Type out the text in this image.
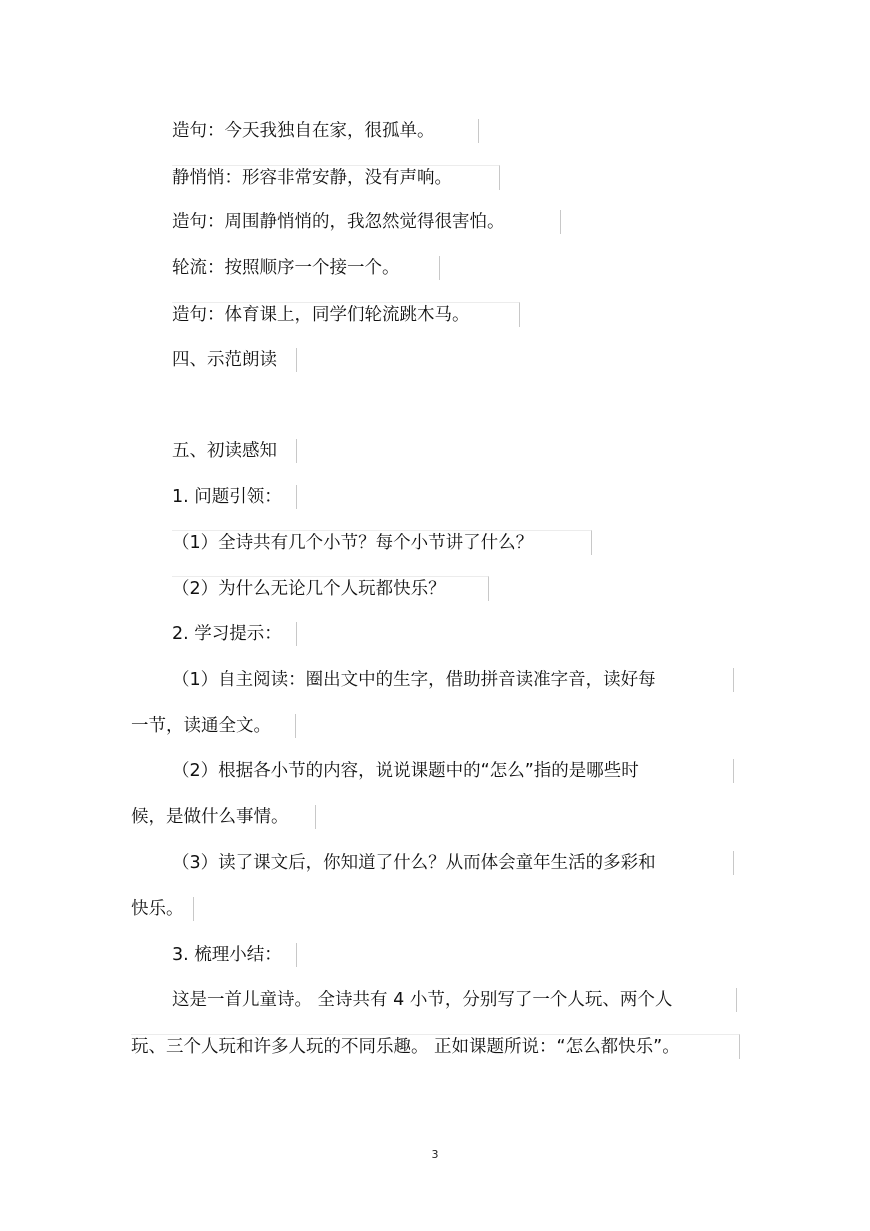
造句：今天我独自在家，很孤单。
静悄悄：形容非常安静，没有声响。
造句：周围静悄悄的，我忽然觉得很害怕。
轮流：按照顺序一个接一个。
造句：体育课上，同学们轮流跳木马。
四、示范朗读
五、初读感知
1. 问题引领：
（1）全诗共有几个小节？每个小节讲了什么？
（2）为什么无论几个人玩都快乐？
2. 学习提示：
（1）自主阅读：圈出文中的生字，借助拼音读准字音，读好每
一节，读通全文。
（2）根据各小节的内容，说说课题中的“怎么”指的是哪些时
候，是做什么事情。
（3）读了课文后，你知道了什么？从而体会童年生活的多彩和
快乐。
3. 梳理小结：
这是一首儿童诗。 全诗共有 4 小节，分别写了一个人玩、两个人
玩、三个人玩和许多人玩的不同乐趣。 正如课题所说：“怎么都快乐”。
3
